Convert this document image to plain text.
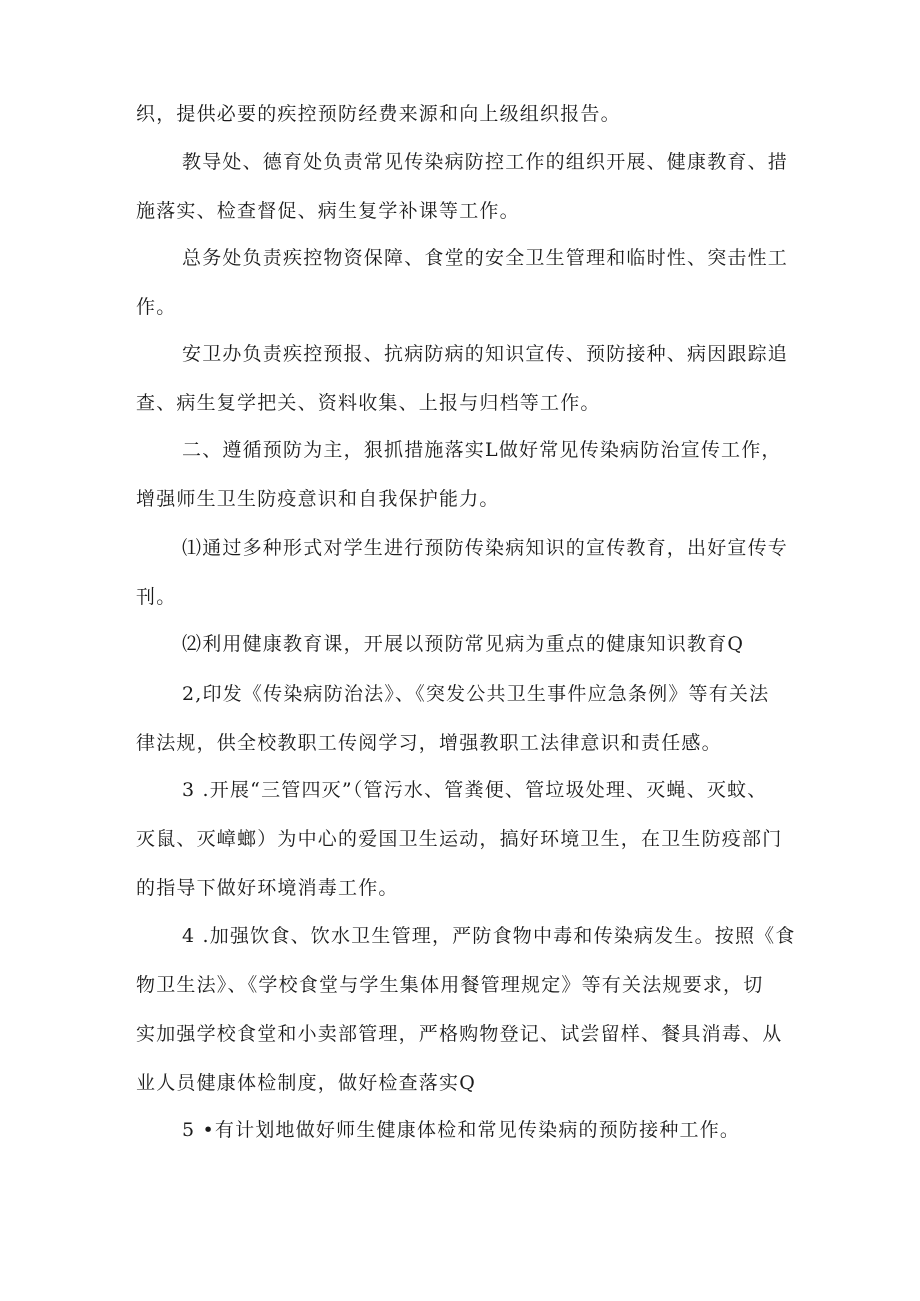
织，提供必要的疾控预防经费来源和向上级组织报告。

教导处、德育处负责常见传染病防控工作的组织开展、健康教育、措
施落实、检查督促、病生复学补课等工作。

总务处负责疾控物资保障、食堂的安全卫生管理和临时性、突击性工
作。

安卫办负责疾控预报、抗病防病的知识宣传、预防接种、病因跟踪追
查、病生复学把关、资料收集、上报与归档等工作。

二、遵循预防为主，狠抓措施落实L做好常见传染病防治宣传工作，
增强师生卫生防疫意识和自我保护能力。

⑴通过多种形式对学生进行预防传染病知识的宣传教育，出好宣传专
刊。

⑵利用健康教育课，开展以预防常见病为重点的健康知识教育Q

2,印发《传染病防治法》、《突发公共卫生事件应急条例》等有关法
律法规，供全校教职工传阅学习，增强教职工法律意识和责任感。

3 .开展“三管四灭”（管污水、管粪便、管垃圾处理、灭蝇、灭蚊、
灭鼠、灭嶂螂）为中心的爱国卫生运动，搞好环境卫生，在卫生防疫部门
的指导下做好环境消毒工作。

4 .加强饮食、饮水卫生管理，严防食物中毒和传染病发生。按照《食
物卫生法》、《学校食堂与学生集体用餐管理规定》等有关法规要求，切
实加强学校食堂和小卖部管理，严格购物登记、试尝留样、餐具消毒、从
业人员健康体检制度，做好检查落实Q

5 •有计划地做好师生健康体检和常见传染病的预防接种工作。
